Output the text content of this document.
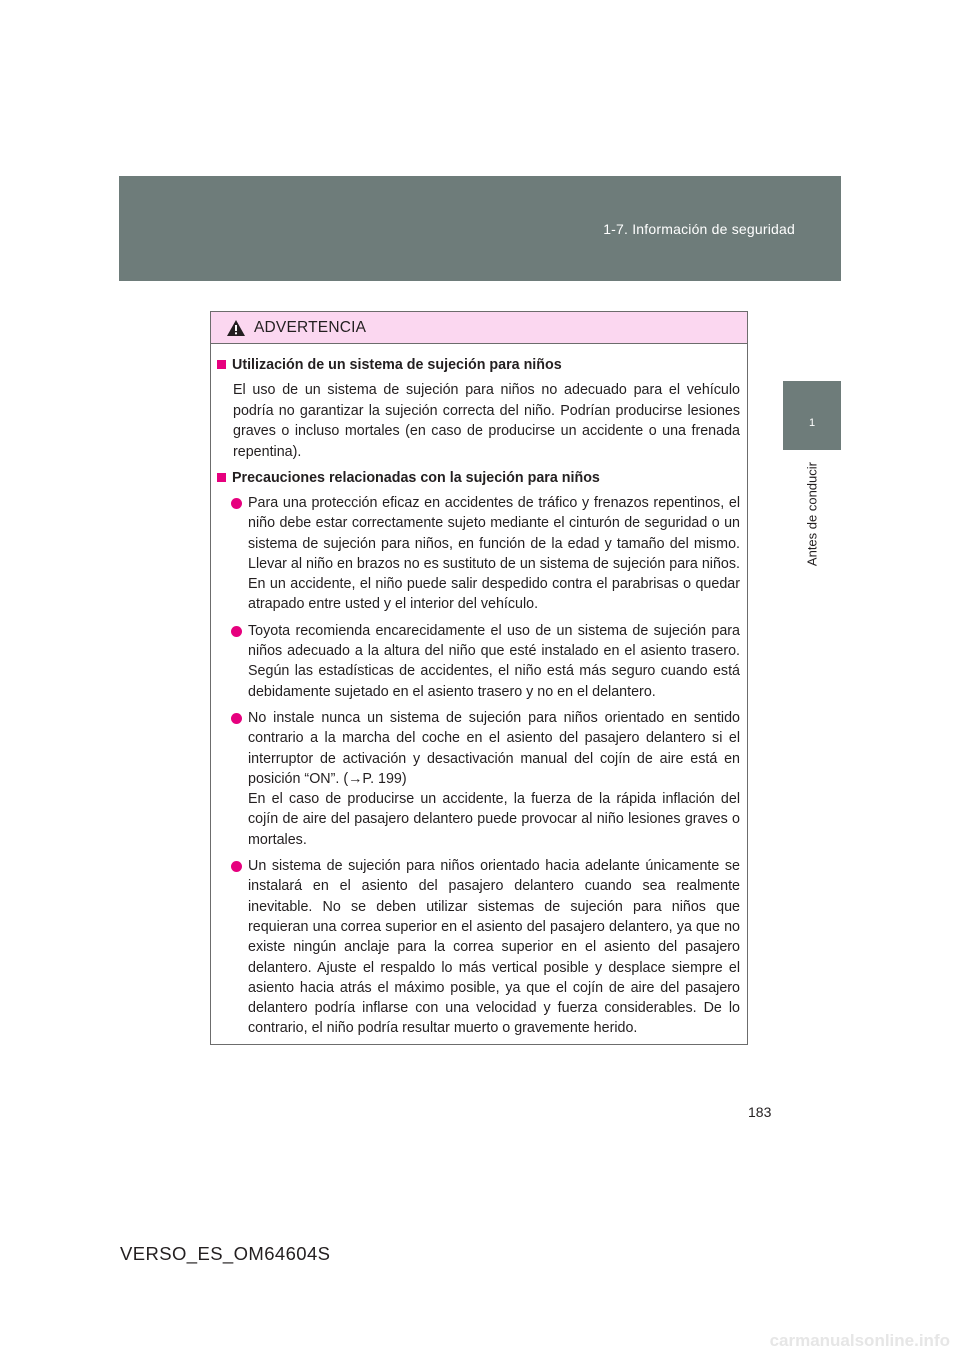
1-7. Información de seguridad
1
Antes de conducir
ADVERTENCIA
Utilización de un sistema de sujeción para niños

El uso de un sistema de sujeción para niños no adecuado para el vehículo podría no garantizar la sujeción correcta del niño. Podrían producirse lesiones graves o incluso mortales (en caso de producirse un accidente o una frenada repentina).

Precauciones relacionadas con la sujeción para niños
Para una protección eficaz en accidentes de tráfico y frenazos repentinos, el niño debe estar correctamente sujeto mediante el cinturón de seguridad o un sistema de sujeción para niños, en función de la edad y tamaño del mismo. Llevar al niño en brazos no es sustituto de un sistema de sujeción para niños. En un accidente, el niño puede salir despedido contra el parabrisas o quedar atrapado entre usted y el interior del vehículo.
Toyota recomienda encarecidamente el uso de un sistema de sujeción para niños adecuado a la altura del niño que esté instalado en el asiento trasero. Según las estadísticas de accidentes, el niño está más seguro cuando está debidamente sujetado en el asiento trasero y no en el delantero.
No instale nunca un sistema de sujeción para niños orientado en sentido contrario a la marcha del coche en el asiento del pasajero delantero si el interruptor de activación y desactivación manual del cojín de aire está en posición “ON”. (→P. 199)
En el caso de producirse un accidente, la fuerza de la rápida inflación del cojín de aire del pasajero delantero puede provocar al niño lesiones graves o mortales.
Un sistema de sujeción para niños orientado hacia adelante únicamente se instalará en el asiento del pasajero delantero cuando sea realmente inevitable. No se deben utilizar sistemas de sujeción para niños que requieran una correa superior en el asiento del pasajero delantero, ya que no existe ningún anclaje para la correa superior en el asiento del pasajero delantero. Ajuste el respaldo lo más vertical posible y desplace siempre el asiento hacia atrás el máximo posible, ya que el cojín de aire del pasajero delantero podría inflarse con una velocidad y fuerza considerables. De lo contrario, el niño podría resultar muerto o gravemente herido.
183
VERSO_ES_OM64604S
carmanualsonline.info
